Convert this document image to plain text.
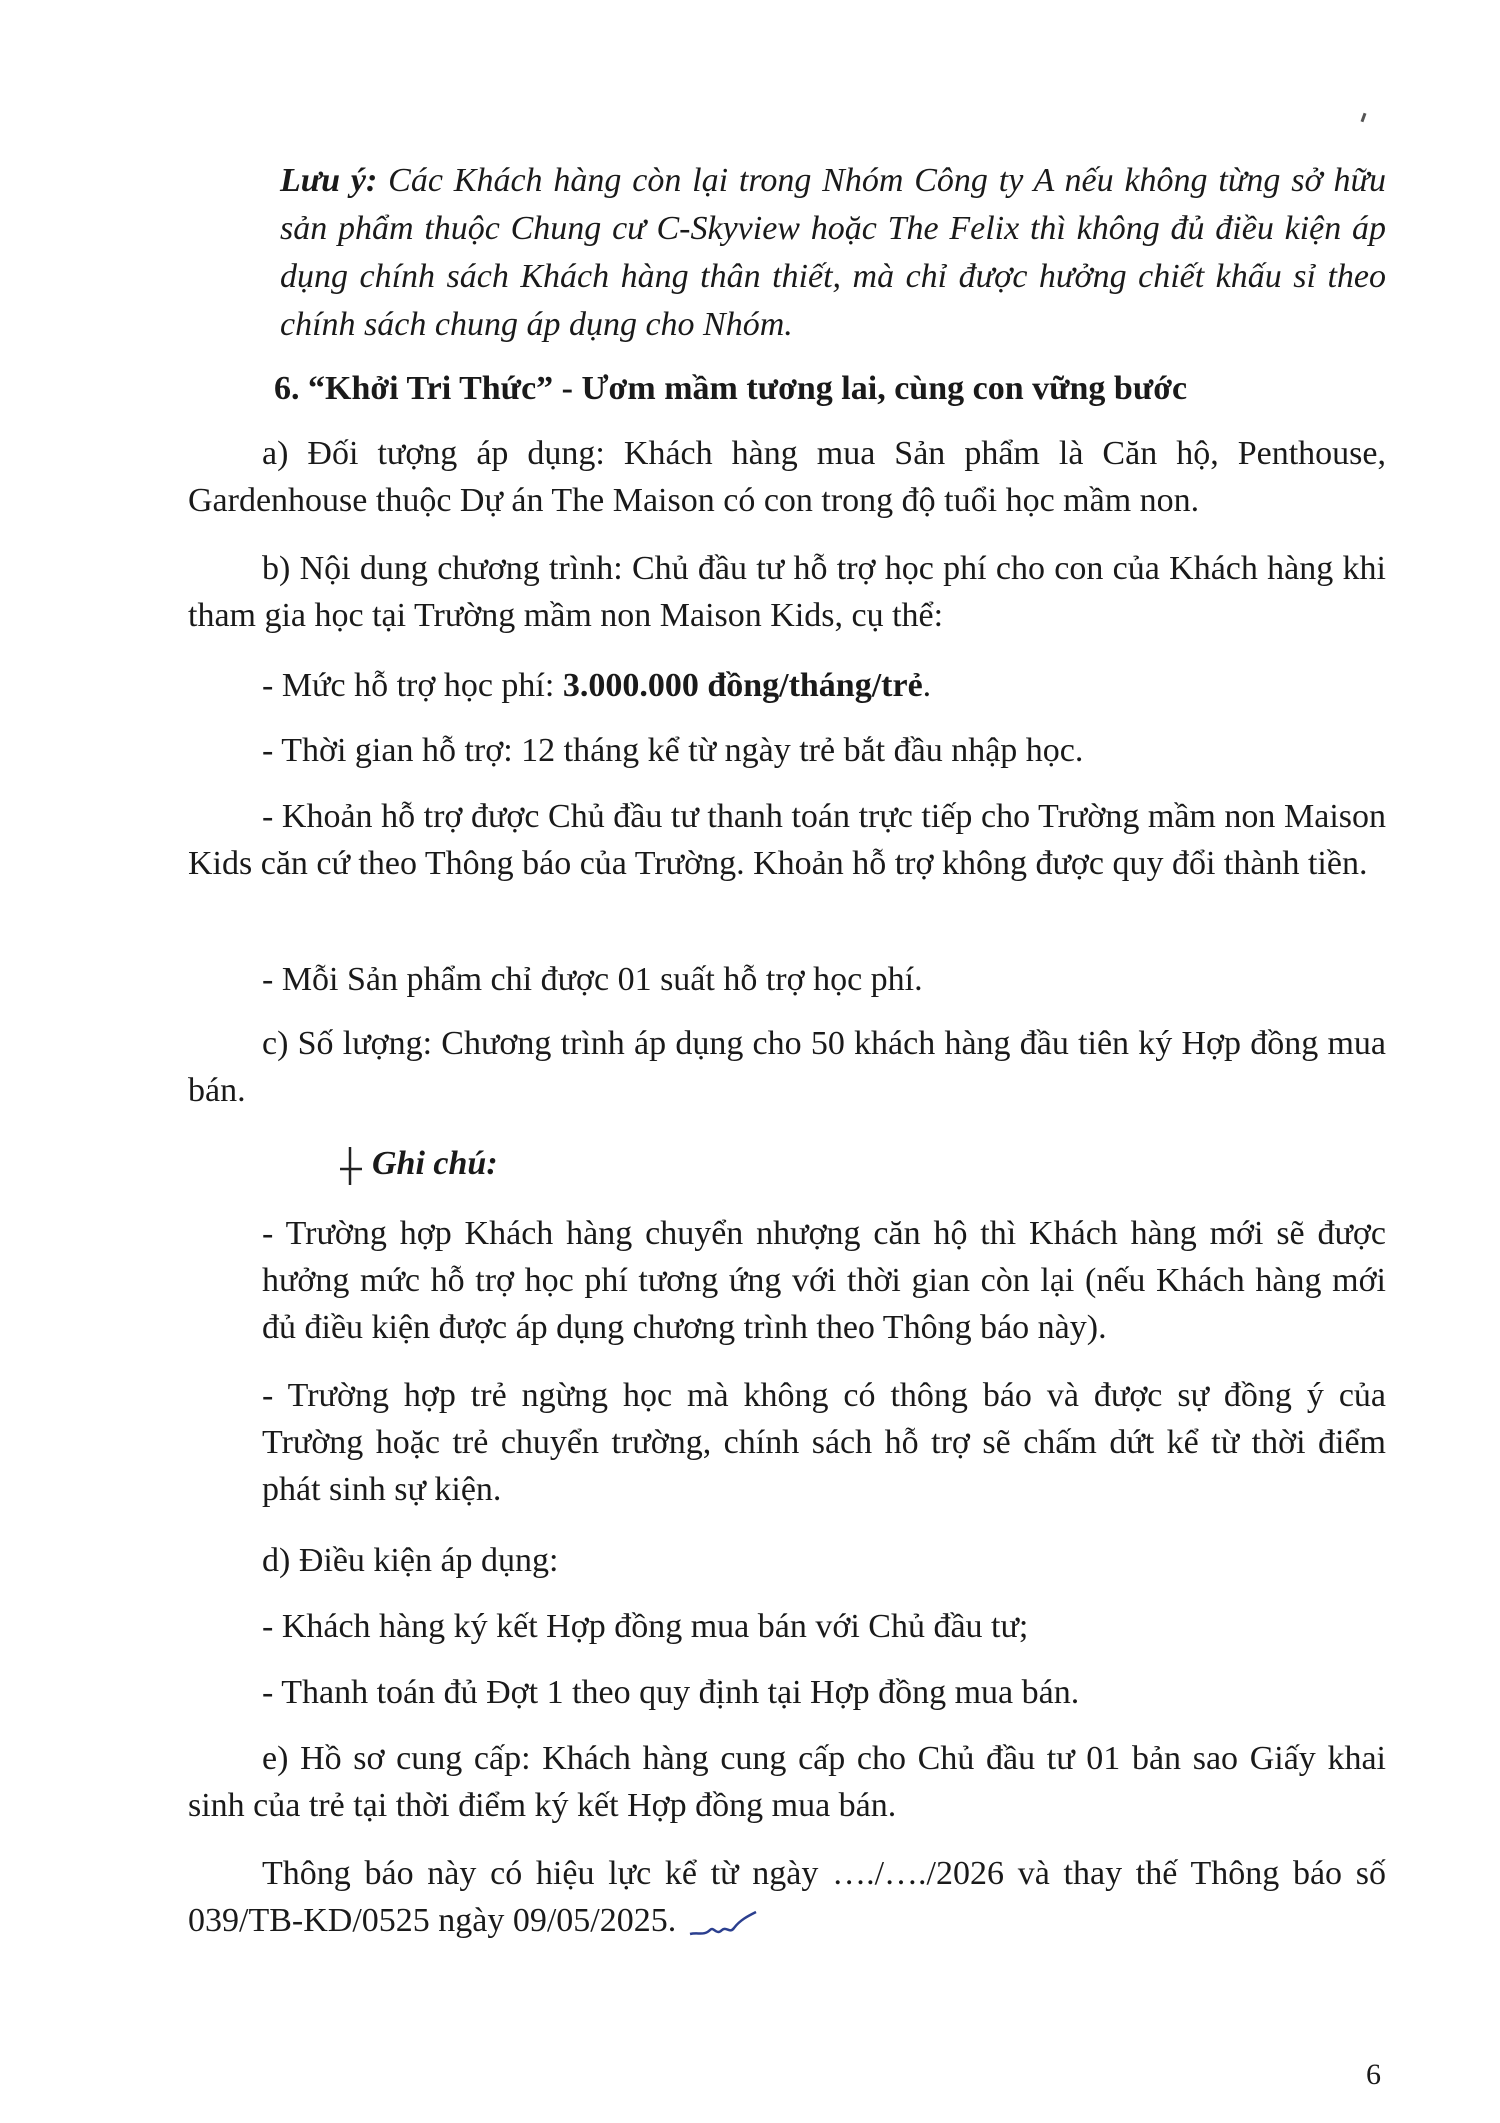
Lưu ý: Các Khách hàng còn lại trong Nhóm Công ty A nếu không từng sở hữu sản phẩm thuộc Chung cư C-Skyview hoặc The Felix thì không đủ điều kiện áp dụng chính sách Khách hàng thân thiết, mà chỉ được hưởng chiết khấu sỉ theo chính sách chung áp dụng cho Nhóm.

6. “Khởi Tri Thức” - Ươm mầm tương lai, cùng con vững bước

a) Đối tượng áp dụng: Khách hàng mua Sản phẩm là Căn hộ, Penthouse, Gardenhouse thuộc Dự án The Maison có con trong độ tuổi học mầm non.

b) Nội dung chương trình: Chủ đầu tư hỗ trợ học phí cho con của Khách hàng khi tham gia học tại Trường mầm non Maison Kids, cụ thể:

- Mức hỗ trợ học phí: 3.000.000 đồng/tháng/trẻ.

- Thời gian hỗ trợ: 12 tháng kể từ ngày trẻ bắt đầu nhập học.

- Khoản hỗ trợ được Chủ đầu tư thanh toán trực tiếp cho Trường mầm non Maison Kids căn cứ theo Thông báo của Trường. Khoản hỗ trợ không được quy đổi thành tiền.

- Mỗi Sản phẩm chỉ được 01 suất hỗ trợ học phí.

c) Số lượng: Chương trình áp dụng cho 50 khách hàng đầu tiên ký Hợp đồng mua bán.

Ghi chú:

- Trường hợp Khách hàng chuyển nhượng căn hộ thì Khách hàng mới sẽ được hưởng mức hỗ trợ học phí tương ứng với thời gian còn lại (nếu Khách hàng mới đủ điều kiện được áp dụng chương trình theo Thông báo này).

- Trường hợp trẻ ngừng học mà không có thông báo và được sự đồng ý của Trường hoặc trẻ chuyển trường, chính sách hỗ trợ sẽ chấm dứt kể từ thời điểm phát sinh sự kiện.

d) Điều kiện áp dụng:

- Khách hàng ký kết Hợp đồng mua bán với Chủ đầu tư;

- Thanh toán đủ Đợt 1 theo quy định tại Hợp đồng mua bán.

e) Hồ sơ cung cấp: Khách hàng cung cấp cho Chủ đầu tư 01 bản sao Giấy khai sinh của trẻ tại thời điểm ký kết Hợp đồng mua bán.

Thông báo này có hiệu lực kể từ ngày …./…./2026 và thay thế Thông báo số 039/TB-KD/0525 ngày 09/05/2025.

6
